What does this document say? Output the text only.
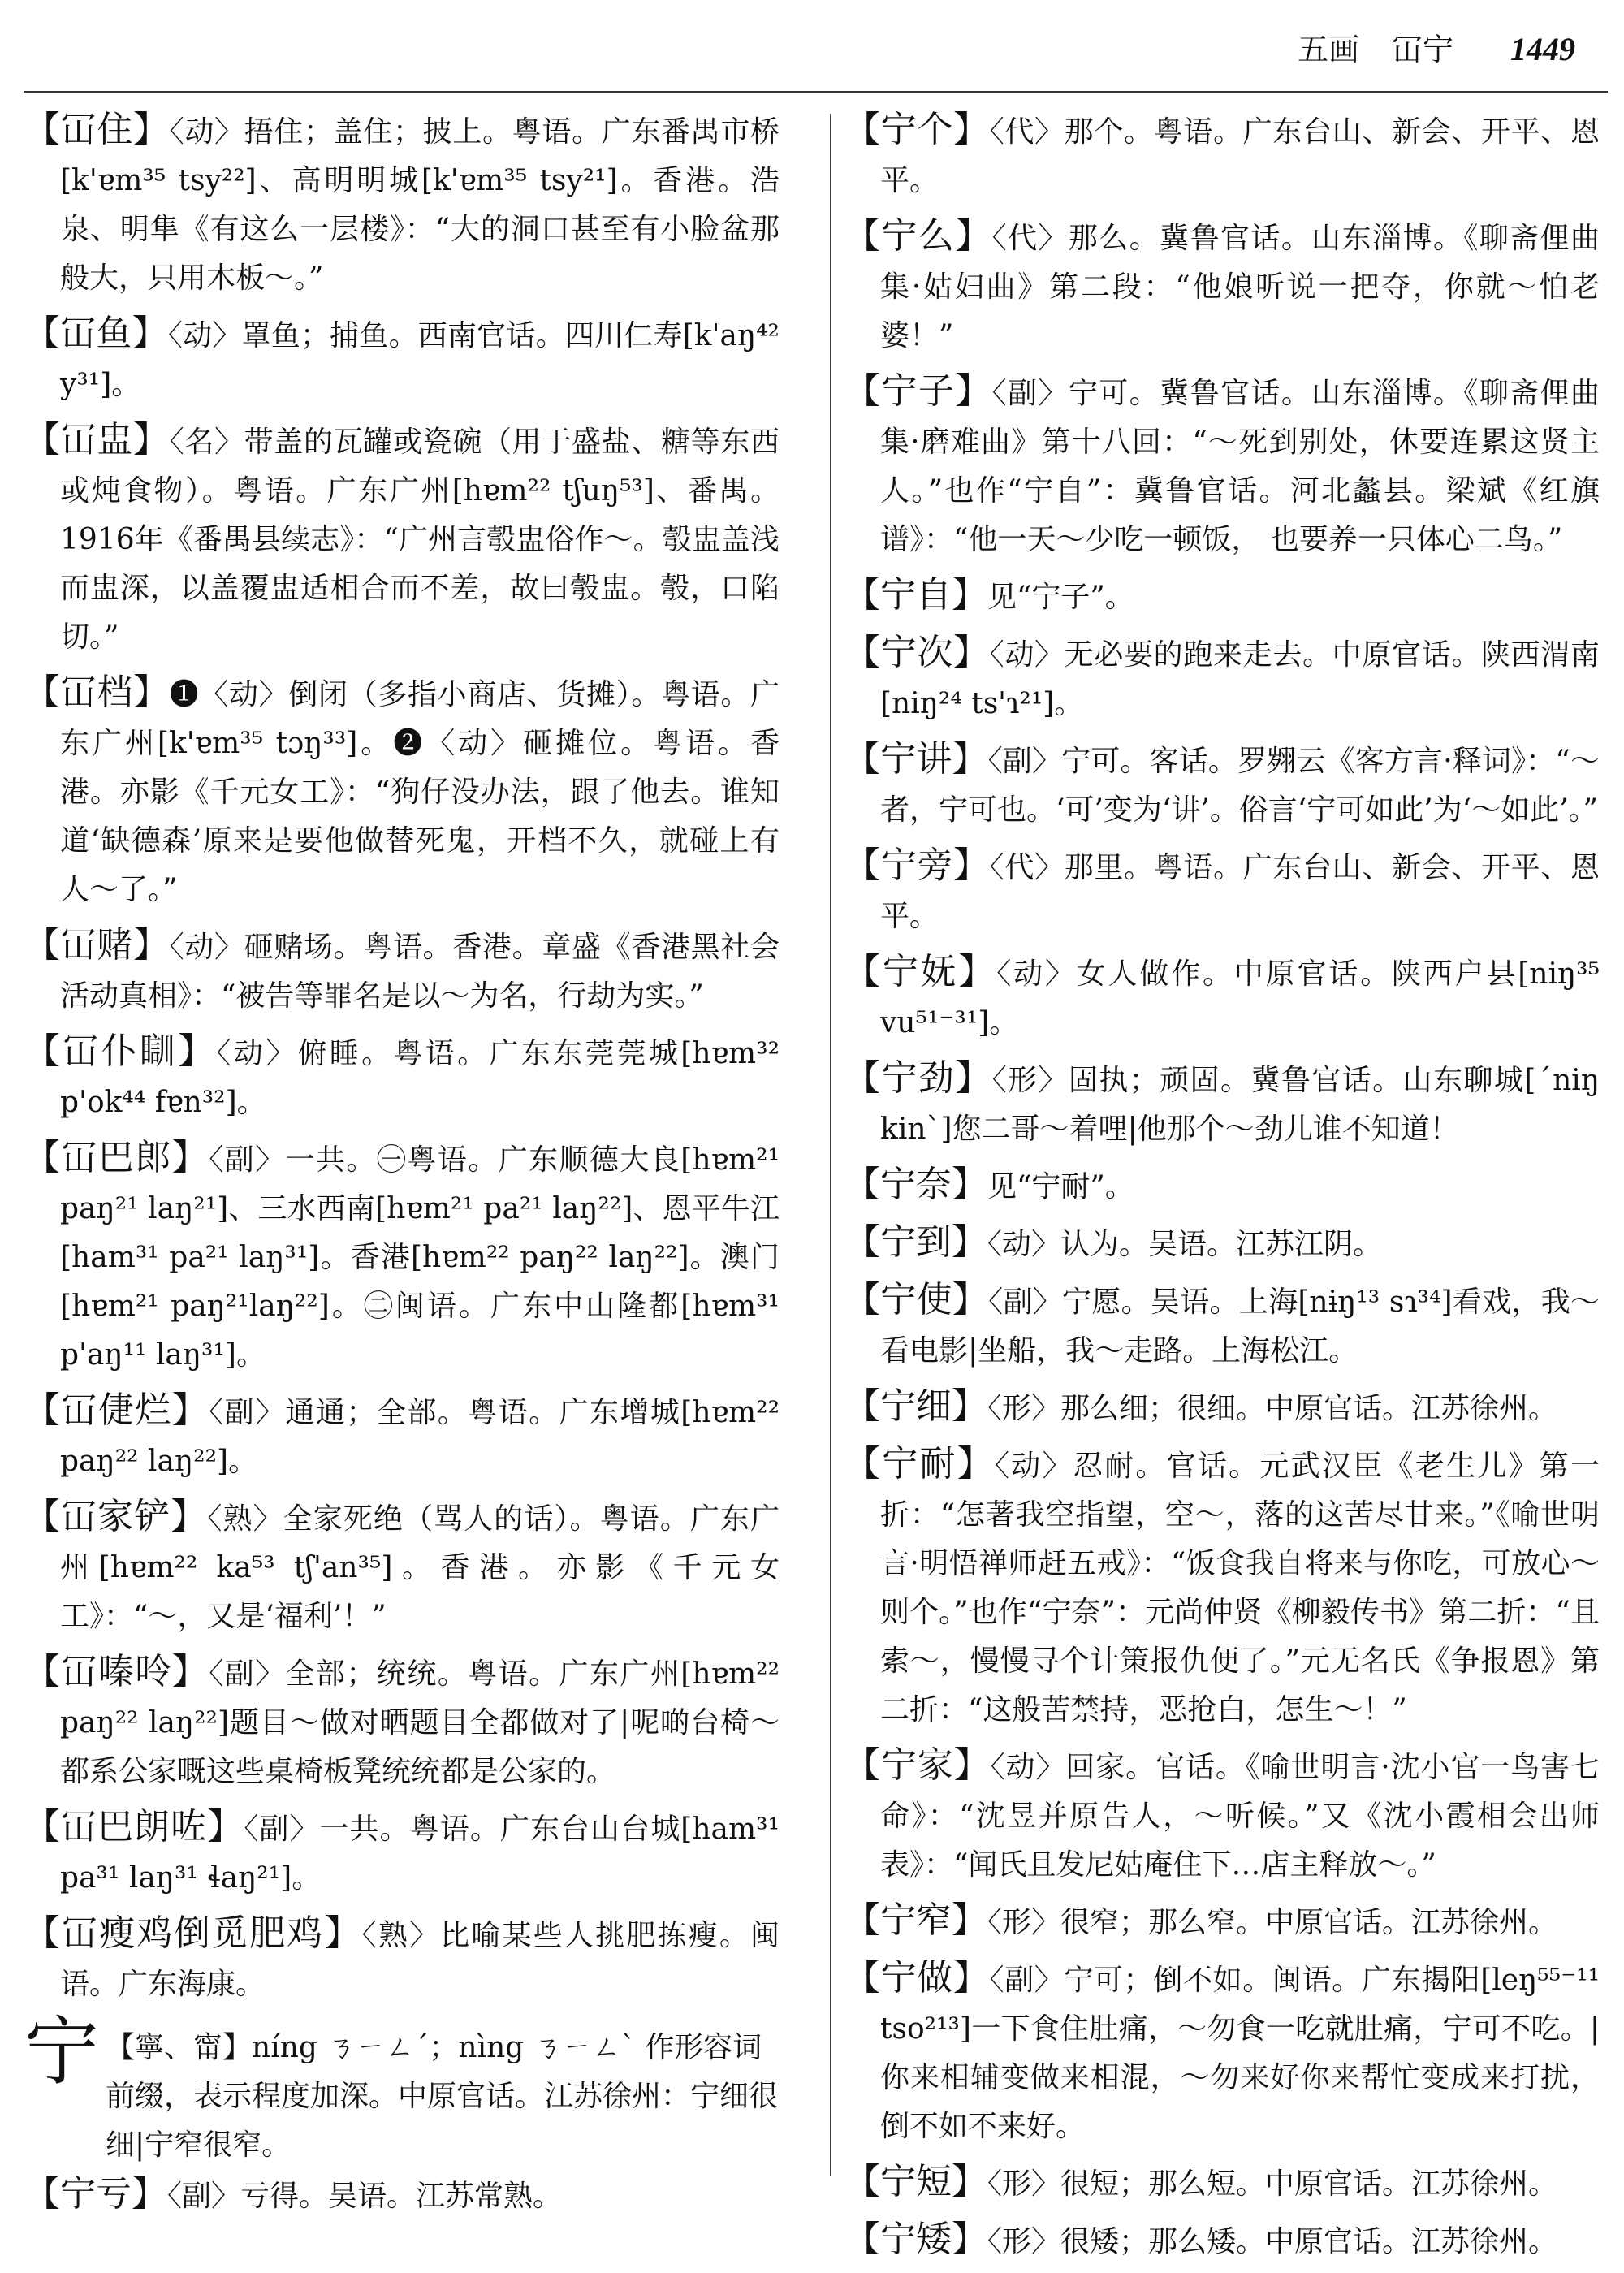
五画 冚宁 1449
【冚住】〈动〉捂住；盖住；披上。粤语。广东番禺市桥[k'ɐm³⁵ tsy²²]、高明明城[k'ɐm³⁵ tsy²¹]。香港。浩泉、明隼《有这么一层楼》：“大的洞口甚至有小脸盆那般大，只用木板～。”
【冚鱼】〈动〉罩鱼；捕鱼。西南官话。四川仁寿[k'aŋ⁴² y³¹]。
【冚盅】〈名〉带盖的瓦罐或瓷碗（用于盛盐、糖等东西或炖食物）。粤语。广东广州[hɐm²² tʃuŋ⁵³]、番禺。1916年《番禺县续志》：“广州言彀盅俗作～。彀盅盖浅而盅深，以盖覆盅适相合而不差，故曰彀盅。彀，口陷切。”
【冚档】❶〈动〉倒闭（多指小商店、货摊）。粤语。广东广州[k'ɐm³⁵ tɔŋ³³]。❷〈动〉砸摊位。粤语。香港。亦影《千元女工》：“狗仔没办法，跟了他去。谁知道‘缺德森’原来是要他做替死鬼，开档不久，就碰上有人～了。”
【冚赌】〈动〉砸赌场。粤语。香港。章盛《香港黑社会活动真相》：“被告等罪名是以～为名，行劫为实。”
【冚仆瞓】〈动〉俯睡。粤语。广东东莞莞城[hɐm³² p'ok⁴⁴ fɐn³²]。
【冚巴郎】〈副〉一共。㊀粤语。广东顺德大良[hɐm²¹ paŋ²¹ laŋ²¹]、三水西南[hɐm²¹ pa²¹ laŋ²²]、恩平牛江[ham³¹ pa²¹ laŋ³¹]。香港[hɐm²² paŋ²² laŋ²²]。澳门[hɐm²¹ paŋ²¹laŋ²²]。㊁闽语。广东中山隆都[hɐm³¹ p'aŋ¹¹ laŋ³¹]。
【冚倢烂】〈副〉通通；全部。粤语。广东增城[hɐm²² paŋ²² laŋ²²]。
【冚家铲】〈熟〉全家死绝（骂人的话）。粤语。广东广州[hɐm²² ka⁵³ tʃ'an³⁵]。香港。亦影《千元女工》：“～，又是‘福利’！”
【冚嗪呤】〈副〉全部；统统。粤语。广东广州[hɐm²² paŋ²² laŋ²²]题目～做对晒题目全都做对了|呢啲台椅～都系公家嘅这些桌椅板凳统统都是公家的。
【冚巴朗咗】〈副〉一共。粤语。广东台山台城[ham³¹ pa³¹ laŋ³¹ ɬaŋ²¹]。
【冚瘦鸡倒觅肥鸡】〈熟〉比喻某些人挑肥拣瘦。闽语。广东海康。
宁 【寧、甯】níng ㄋㄧㄥˊ；nìng ㄋㄧㄥˋ 作形容词前缀，表示程度加深。中原官话。江苏徐州：宁细很细|宁窄很窄。
【宁亏】〈副〉亏得。吴语。江苏常熟。
【宁个】〈代〉那个。粤语。广东台山、新会、开平、恩平。
【宁么】〈代〉那么。冀鲁官话。山东淄博。《聊斋俚曲集·姑妇曲》第二段：“他娘听说一把夺，你就～怕老婆！”
【宁子】〈副〉宁可。冀鲁官话。山东淄博。《聊斋俚曲集·磨难曲》第十八回：“～死到别处，休要连累这贤主人。”也作“宁自”：冀鲁官话。河北蠡县。梁斌《红旗谱》：“他一天～少吃一顿饭， 也要养一只体心二鸟。”
【宁自】见“宁子”。
【宁次】〈动〉无必要的跑来走去。中原官话。陕西渭南[niŋ²⁴ ts'ɿ²¹]。
【宁讲】〈副〉宁可。客话。罗翙云《客方言·释词》：“～者，宁可也。‘可’变为‘讲’。俗言‘宁可如此’为‘～如此’。”
【宁旁】〈代〉那里。粤语。广东台山、新会、开平、恩平。
【宁妩】〈动〉女人做作。中原官话。陕西户县[niŋ³⁵ vu⁵¹⁻³¹]。
【宁劲】〈形〉固执；顽固。冀鲁官话。山东聊城[ˊniŋ kinˋ]您二哥～着哩|他那个～劲儿谁不知道！
【宁奈】见“宁耐”。
【宁到】〈动〉认为。吴语。江苏江阴。
【宁使】〈副〉宁愿。吴语。上海[nɨŋ¹³ sɿ³⁴]看戏，我～看电影|坐船，我～走路。上海松江。
【宁细】〈形〉那么细；很细。中原官话。江苏徐州。
【宁耐】〈动〉忍耐。官话。元武汉臣《老生儿》第一折：“怎著我空指望，空～，落的这苦尽甘来。”《喻世明言·明悟禅师赶五戒》：“饭食我自将来与你吃，可放心～则个。”也作“宁奈”：元尚仲贤《柳毅传书》第二折：“且索～，慢慢寻个计策报仇便了。”元无名氏《争报恩》第二折：“这般苦禁持，恶抢白，怎生～！”
【宁家】〈动〉回家。官话。《喻世明言·沈小官一鸟害七命》：“沈昱并原告人，～听候。”又《沈小霞相会出师表》：“闻氏且发尼姑庵住下…店主释放～。”
【宁窄】〈形〉很窄；那么窄。中原官话。江苏徐州。
【宁做】〈副〉宁可；倒不如。闽语。广东揭阳[leŋ⁵⁵⁻¹¹ tso²¹³]一下食住肚痛，～勿食一吃就肚痛，宁可不吃。|你来相辅变做来相混，～勿来好你来帮忙变成来打扰，倒不如不来好。
【宁短】〈形〉很短；那么短。中原官话。江苏徐州。
【宁矮】〈形〉很矮；那么矮。中原官话。江苏徐州。
